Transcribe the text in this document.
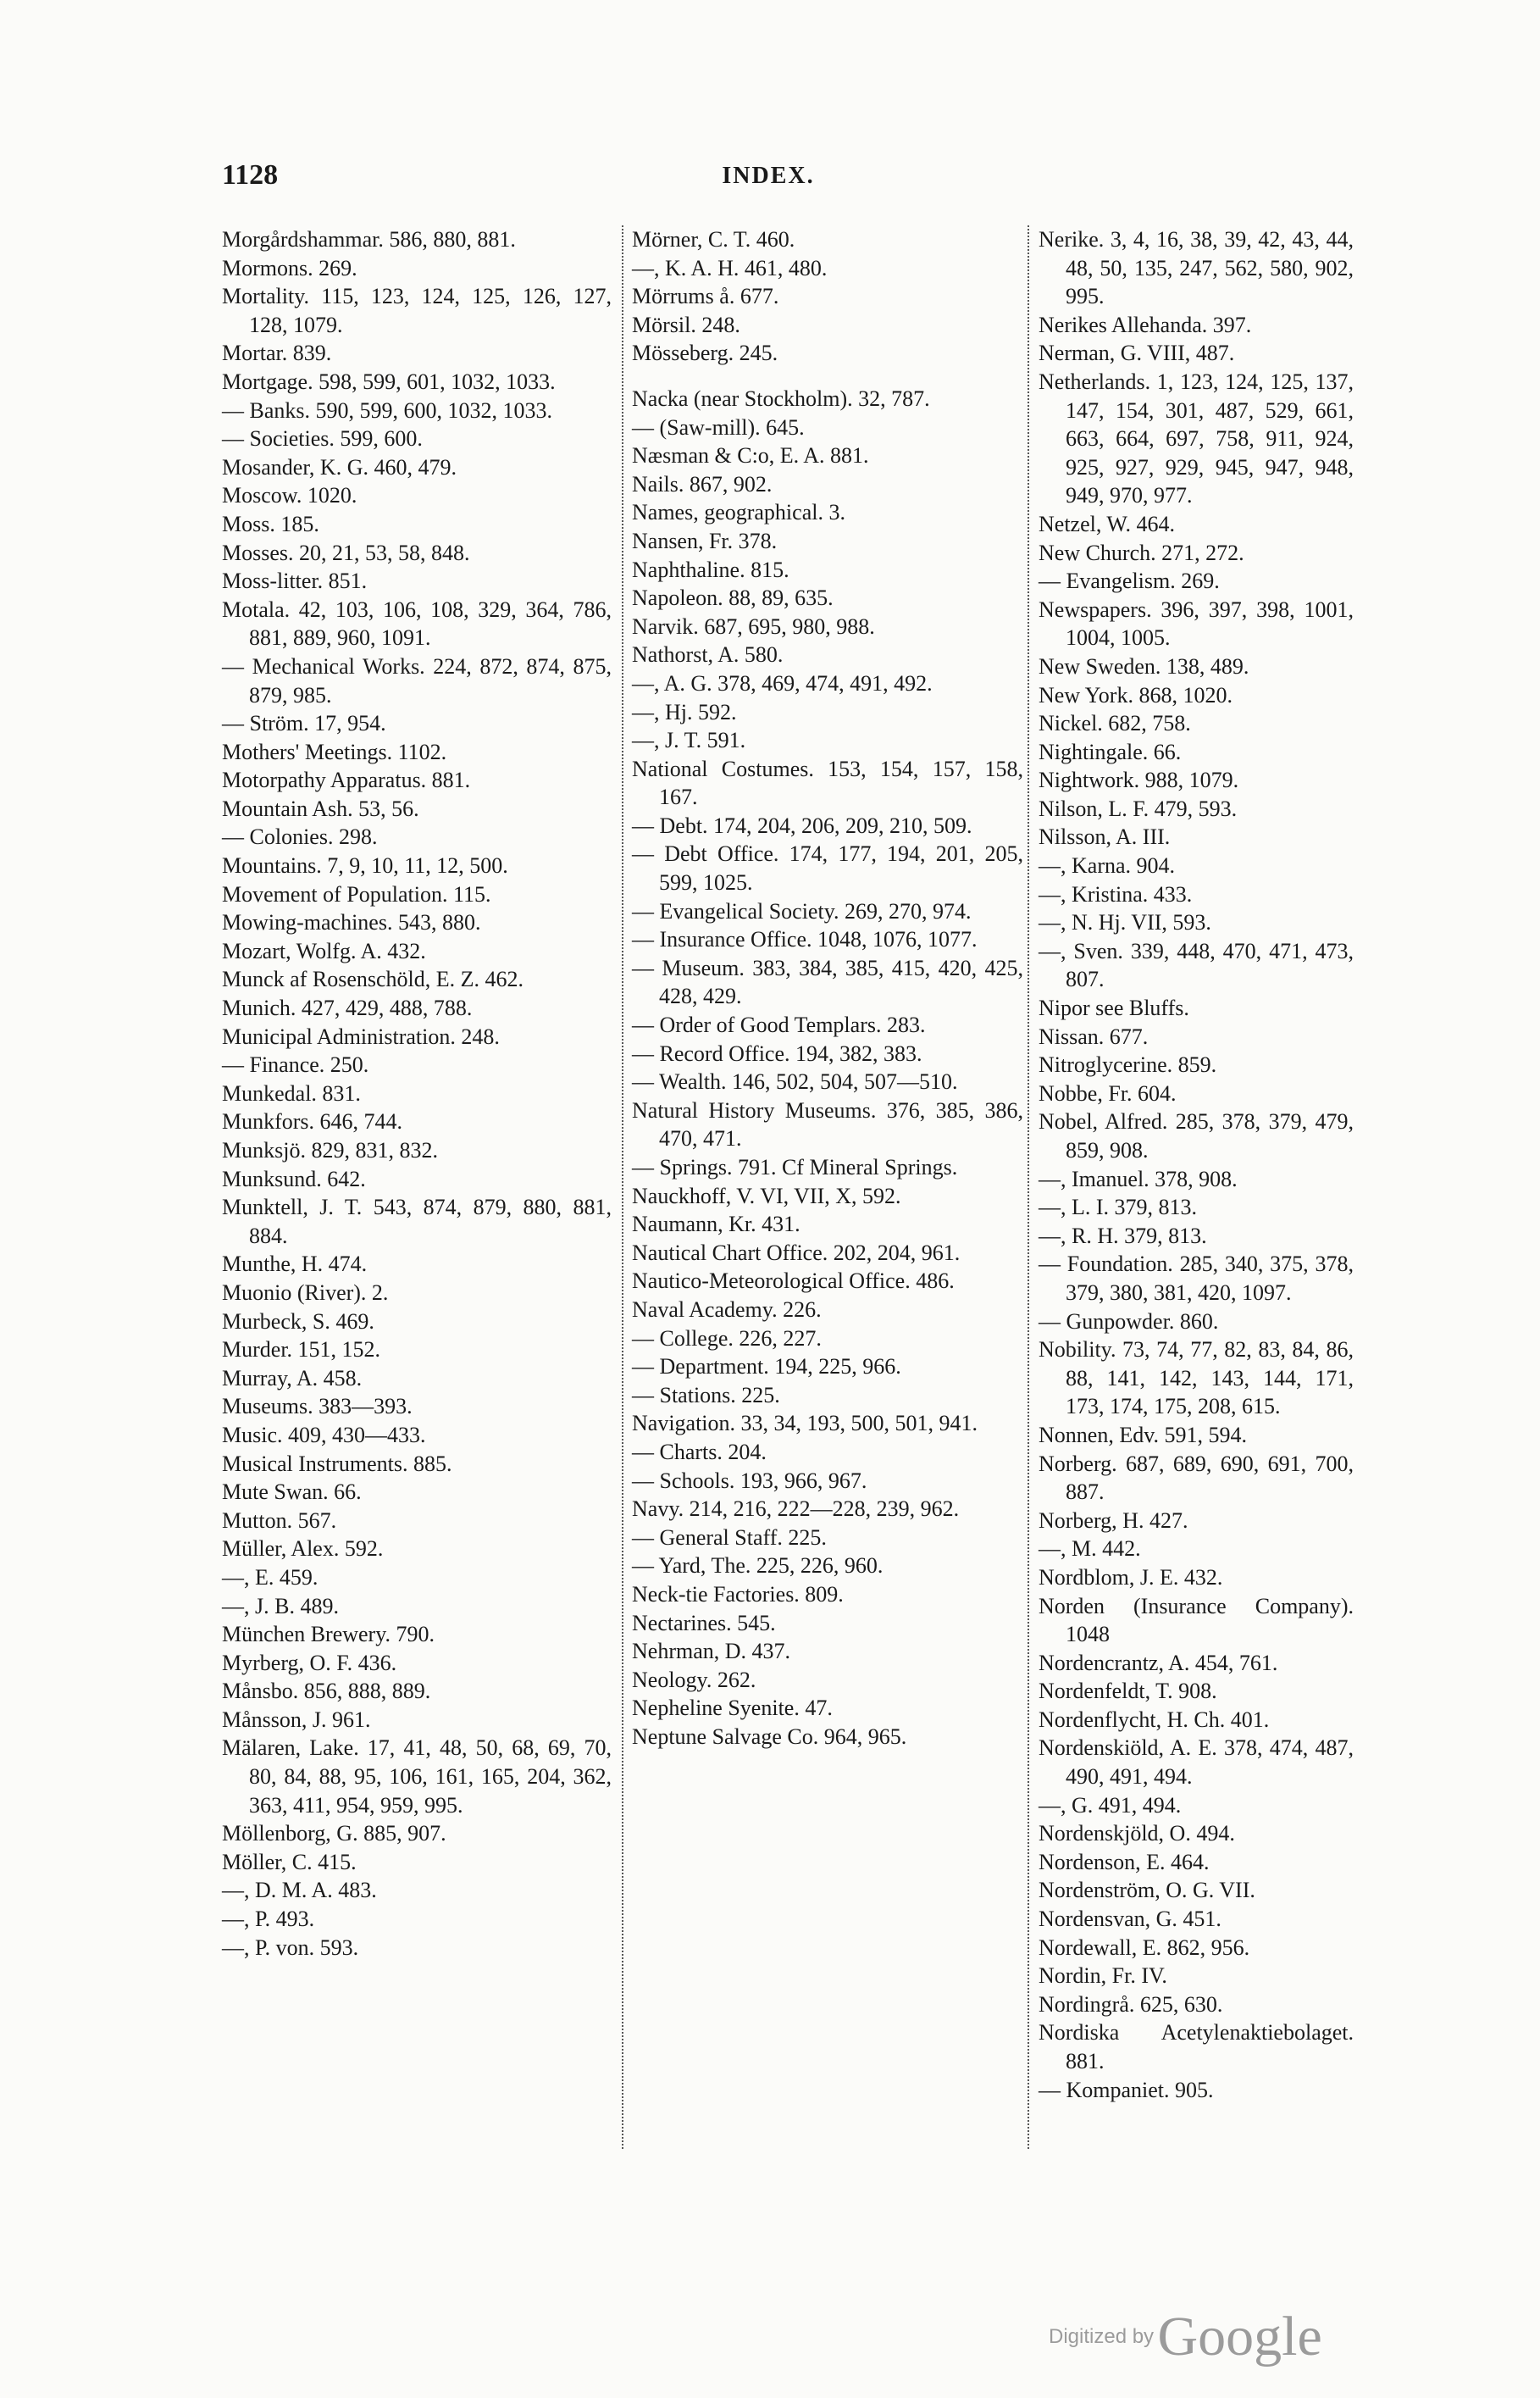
1128	INDEX.
Morgårdshammar. 586, 880, 881.
Mormons. 269.
Mortality. 115, 123, 124, 125, 126, 127, 128, 1079.
Mortar. 839.
Mortgage. 598, 599, 601, 1032, 1033.
— Banks. 590, 599, 600, 1032, 1033.
— Societies. 599, 600.
Mosander, K. G. 460, 479.
Moscow. 1020.
Moss. 185.
Mosses. 20, 21, 53, 58, 848.
Moss-litter. 851.
Motala. 42, 103, 106, 108, 329, 364, 786, 881, 889, 960, 1091.
— Mechanical Works. 224, 872, 874, 875, 879, 985.
— Ström. 17, 954.
Mothers' Meetings. 1102.
Motorpathy Apparatus. 881.
Mountain Ash. 53, 56.
— Colonies. 298.
Mountains. 7, 9, 10, 11, 12, 500.
Movement of Population. 115.
Mowing-machines. 543, 880.
Mozart, Wolfg. A. 432.
Munck af Rosenschöld, E. Z. 462.
Munich. 427, 429, 488, 788.
Municipal Administration. 248.
— Finance. 250.
Munkedal. 831.
Munkfors. 646, 744.
Munksjö. 829, 831, 832.
Munksund. 642.
Munktell, J. T. 543, 874, 879, 880, 881, 884.
Munthe, H. 474.
Muonio (River). 2.
Murbeck, S. 469.
Murder. 151, 152.
Murray, A. 458.
Museums. 383—393.
Music. 409, 430—433.
Musical Instruments. 885.
Mute Swan. 66.
Mutton. 567.
Müller, Alex. 592.
—, E. 459.
—, J. B. 489.
München Brewery. 790.
Myrberg, O. F. 436.
Månsbo. 856, 888, 889.
Månsson, J. 961.
Mälaren, Lake. 17, 41, 48, 50, 68, 69, 70, 80, 84, 88, 95, 106, 161, 165, 204, 362, 363, 411, 954, 959, 995.
Möllenborg, G. 885, 907.
Möller, C. 415.
—, D. M. A. 483.
—, P. 493.
—, P. von. 593.
Mörner, C. T. 460.
—, K. A. H. 461, 480.
Mörrums å. 677.
Mörsil. 248.
Mösseberg. 245.

Nacka (near Stockholm). 32, 787.
— (Saw-mill). 645.
Næsman & C:o, E. A. 881.
Nails. 867, 902.
Names, geographical. 3.
Nansen, Fr. 378.
Naphthaline. 815.
Napoleon. 88, 89, 635.
Narvik. 687, 695, 980, 988.
Nathorst, A. 580.
—, A. G. 378, 469, 474, 491, 492.
—, Hj. 592.
—, J. T. 591.
National Costumes. 153, 154, 157, 158, 167.
— Debt. 174, 204, 206, 209, 210, 509.
— Debt Office. 174, 177, 194, 201, 205, 599, 1025.
— Evangelical Society. 269, 270, 974.
— Insurance Office. 1048, 1076, 1077.
— Museum. 383, 384, 385, 415, 420, 425, 428, 429.
— Order of Good Templars. 283.
— Record Office. 194, 382, 383.
— Wealth. 146, 502, 504, 507—510.
Natural History Museums. 376, 385, 386, 470, 471.
— Springs. 791. Cf Mineral Springs.
Nauckhoff, V. VI, VII, X, 592.
Naumann, Kr. 431.
Nautical Chart Office. 202, 204, 961.
Nautico-Meteorological Office. 486.
Naval Academy. 226.
— College. 226, 227.
— Department. 194, 225, 966.
— Stations. 225.
Navigation. 33, 34, 193, 500, 501, 941.
— Charts. 204.
— Schools. 193, 966, 967.
Navy. 214, 216, 222—228, 239, 962.
— General Staff. 225.
— Yard, The. 225, 226, 960.
Neck-tie Factories. 809.
Nectarines. 545.
Nehrman, D. 437.
Neology. 262.
Nepheline Syenite. 47.
Neptune Salvage Co. 964, 965.
Nerike. 3, 4, 16, 38, 39, 42, 43, 44, 48, 50, 135, 247, 562, 580, 902, 995.
Nerikes Allehanda. 397.
Nerman, G. VIII, 487.
Netherlands. 1, 123, 124, 125, 137, 147, 154, 301, 487, 529, 661, 663, 664, 697, 758, 911, 924, 925, 927, 929, 945, 947, 948, 949, 970, 977.
Netzel, W. 464.
New Church. 271, 272.
— Evangelism. 269.
Newspapers. 396, 397, 398, 1001, 1004, 1005.
New Sweden. 138, 489.
New York. 868, 1020.
Nickel. 682, 758.
Nightingale. 66.
Nightwork. 988, 1079.
Nilson, L. F. 479, 593.
Nilsson, A. III.
—, Karna. 904.
—, Kristina. 433.
—, N. Hj. VII, 593.
—, Sven. 339, 448, 470, 471, 473, 807.
Nipor see Bluffs.
Nissan. 677.
Nitroglycerine. 859.
Nobbe, Fr. 604.
Nobel, Alfred. 285, 378, 379, 479, 859, 908.
—, Imanuel. 378, 908.
—, L. I. 379, 813.
—, R. H. 379, 813.
— Foundation. 285, 340, 375, 378, 379, 380, 381, 420, 1097.
— Gunpowder. 860.
Nobility. 73, 74, 77, 82, 83, 84, 86, 88, 141, 142, 143, 144, 171, 173, 174, 175, 208, 615.
Nonnen, Edv. 591, 594.
Norberg. 687, 689, 690, 691, 700, 887.
Norberg, H. 427.
—, M. 442.
Nordblom, J. E. 432.
Norden (Insurance Company). 1048
Nordencrantz, A. 454, 761.
Nordenfeldt, T. 908.
Nordenflycht, H. Ch. 401.
Nordenskiöld, A. E. 378, 474, 487, 490, 491, 494.
—, G. 491, 494.
Nordenskjöld, O. 494.
Nordenson, E. 464.
Nordenström, O. G. VII.
Nordensvan, G. 451.
Nordewall, E. 862, 956.
Nordin, Fr. IV.
Nordingrå. 625, 630.
Nordiska Acetylenaktiebolaget. 881.
— Kompaniet. 905.
Digitized by Google
